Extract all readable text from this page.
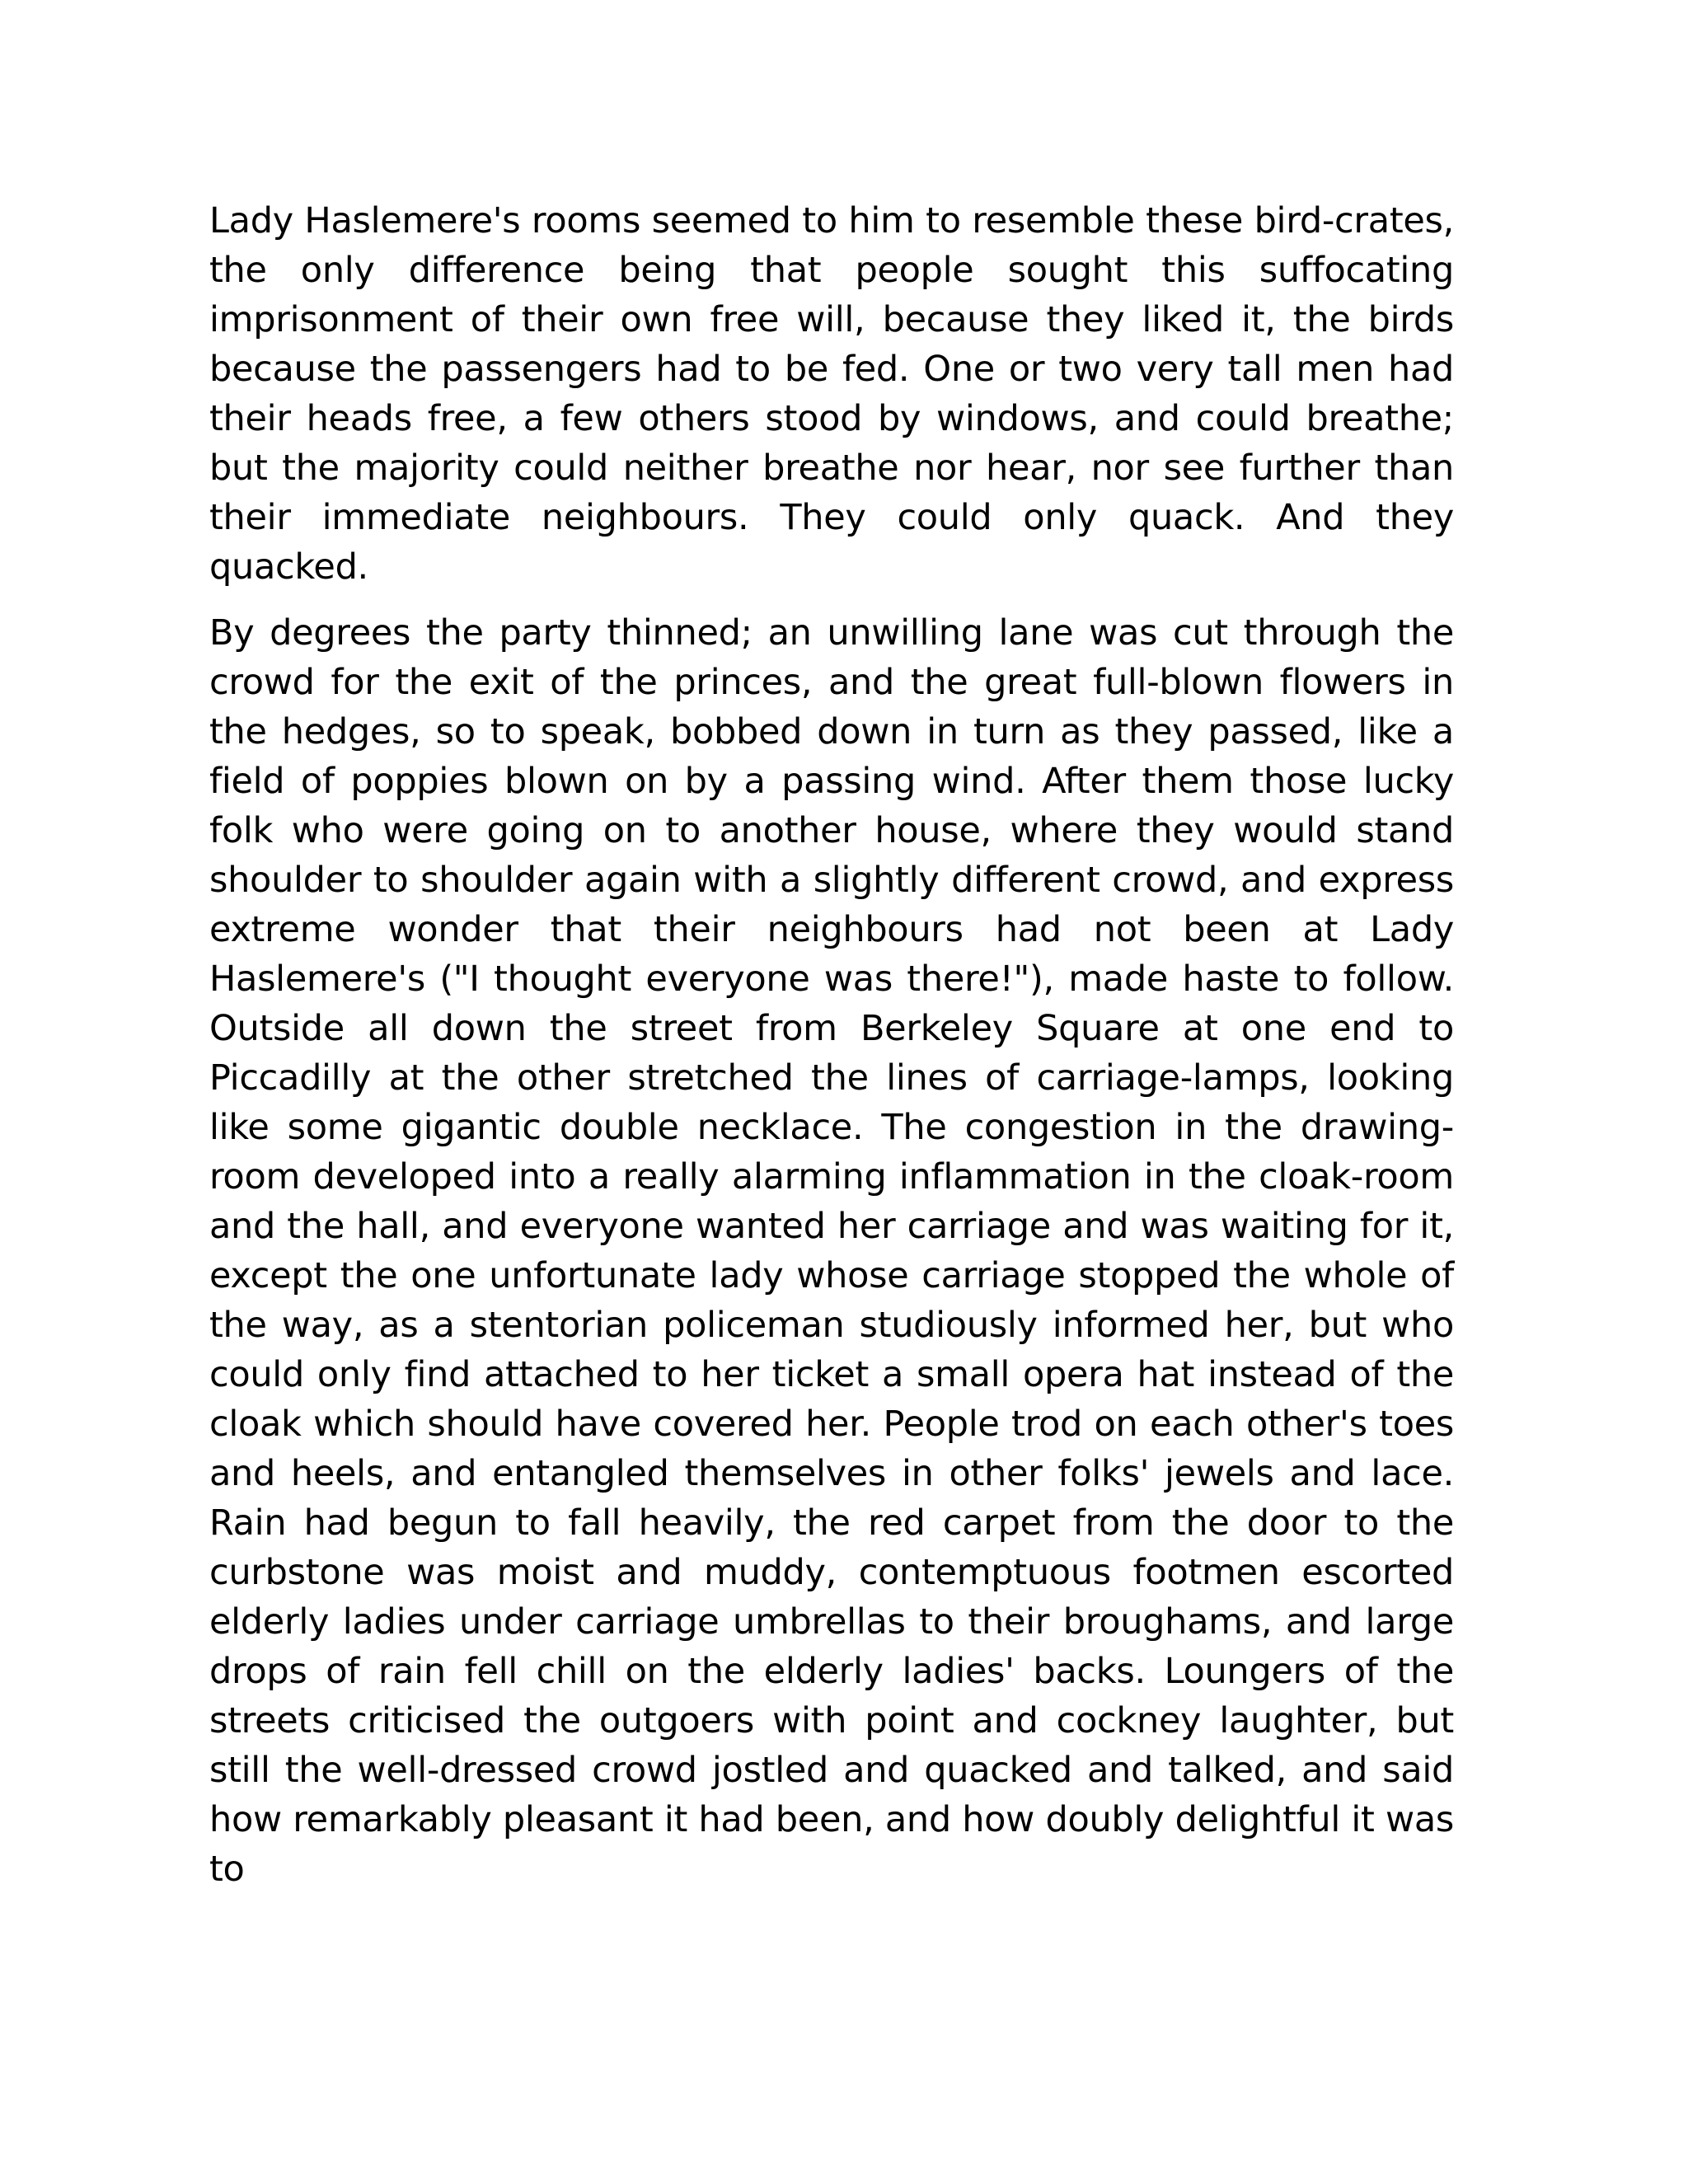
Lady Haslemere's rooms seemed to him to resemble these bird-crates, the only difference being that people sought this suffocating imprisonment of their own free will, because they liked it, the birds because the passengers had to be fed. One or two very tall men had their heads free, a few others stood by windows, and could breathe; but the majority could neither breathe nor hear, nor see further than their immediate neighbours. They could only quack. And they quacked.

By degrees the party thinned; an unwilling lane was cut through the crowd for the exit of the princes, and the great full-blown flowers in the hedges, so to speak, bobbed down in turn as they passed, like a field of poppies blown on by a passing wind. After them those lucky folk who were going on to another house, where they would stand shoulder to shoulder again with a slightly different crowd, and express extreme wonder that their neighbours had not been at Lady Haslemere's ("I thought everyone was there!"), made haste to follow. Outside all down the street from Berkeley Square at one end to Piccadilly at the other stretched the lines of carriage-lamps, looking like some gigantic double necklace. The congestion in the drawing-room developed into a really alarming inflammation in the cloak-room and the hall, and everyone wanted her carriage and was waiting for it, except the one unfortunate lady whose carriage stopped the whole of the way, as a stentorian policeman studiously informed her, but who could only find attached to her ticket a small opera hat instead of the cloak which should have covered her. People trod on each other's toes and heels, and entangled themselves in other folks' jewels and lace. Rain had begun to fall heavily, the red carpet from the door to the curbstone was moist and muddy, contemptuous footmen escorted elderly ladies under carriage umbrellas to their broughams, and large drops of rain fell chill on the elderly ladies' backs. Loungers of the streets criticised the outgoers with point and cockney laughter, but still the well-dressed crowd jostled and quacked and talked, and said how remarkably pleasant it had been, and how doubly delightful it was to
